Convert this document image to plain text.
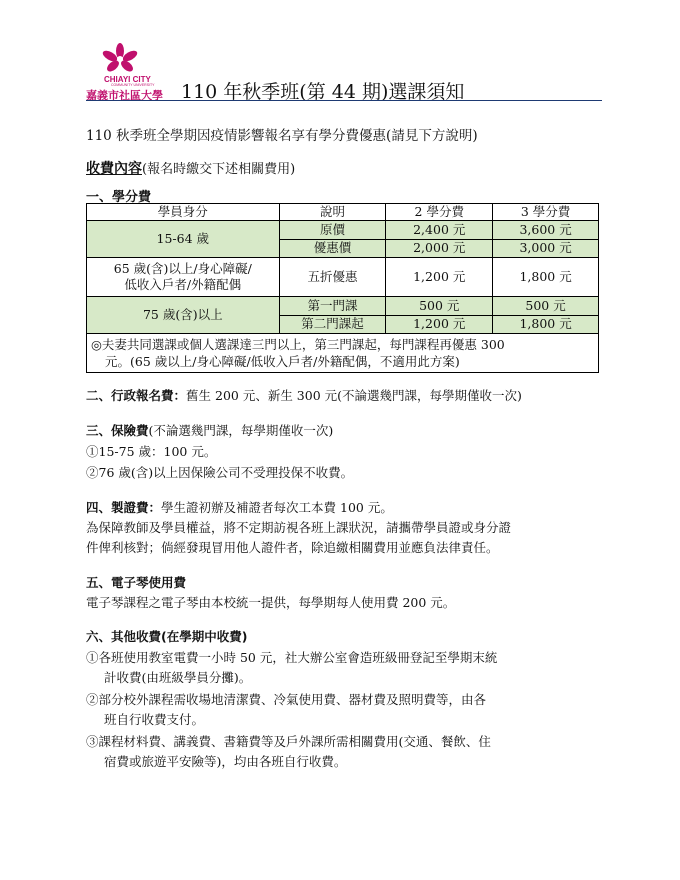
CHIAYI CITY
COMMUNITY UNIVERSITY
嘉義市社區大學 110 年秋季班(第 44 期)選課須知
110 秋季班全學期因疫情影響報名享有學分費優惠(請見下方說明)
收費內容(報名時繳交下述相關費用)
一、學分費
學員身分	說明	2 學分費	3 學分費
15-64 歲	原價	2,400 元	3,600 元
	優惠價	2,000 元	3,000 元

65 歲(含)以上/身心障礙/
低收入戶者/外籍配偶	五折優惠	1,200 元	1,800 元
75 歲(含)以上	第一門課	500 元	500 元
	第二門課起	1,200 元	1,800 元

◎夫妻共同選課或個人選課達三門以上，第三門課起，每門課程再優惠 300
元。(65 歲以上/身心障礙/低收入戶者/外籍配偶，不適用此方案)			
二、行政報名費：舊生 200 元、新生 300 元(不論選幾門課，每學期僅收一次)
三、保險費(不論選幾門課，每學期僅收一次)
①15-75 歲：100 元。
②76 歲(含)以上因保險公司不受理投保不收費。
四、製證費：學生證初辦及補證者每次工本費 100 元。
為保障教師及學員權益，將不定期訪視各班上課狀況，請攜帶學員證或身分證
件俾利核對；倘經發現冒用他人證件者，除追繳相關費用並應負法律責任。
五、電子琴使用費
電子琴課程之電子琴由本校統一提供，每學期每人使用費 200 元。
六、其他收費(在學期中收費)
①各班使用教室電費一小時 50 元，社大辦公室會造班級冊登記至學期末統
計收費(由班級學員分攤)。
②部分校外課程需收場地清潔費、冷氣使用費、器材費及照明費等，由各
班自行收費支付。
③課程材料費、講義費、書籍費等及戶外課所需相關費用(交通、餐飲、住
宿費或旅遊平安險等)，均由各班自行收費。
